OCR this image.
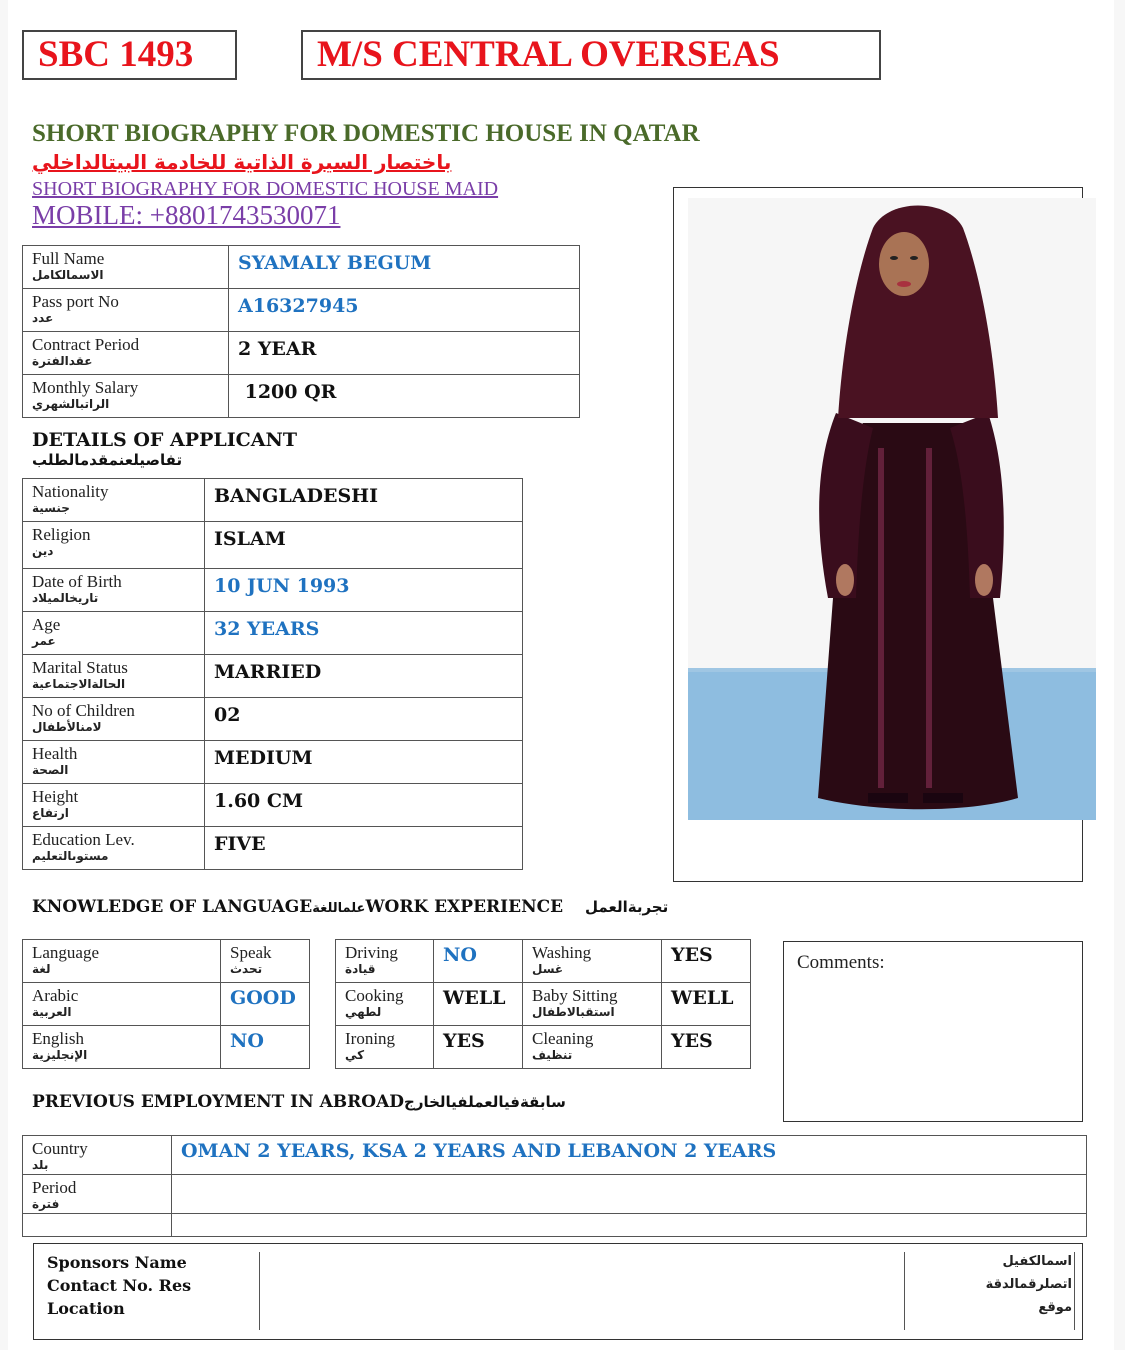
SBC 1493	M/S CENTRAL OVERSEAS
SHORT BIOGRAPHY FOR DOMESTIC HOUSE IN QATAR
باختصار السيرة الذاتية للخادمة البيتالداخلي
SHORT BIOGRAPHY FOR DOMESTIC HOUSE MAID
MOBILE: +8801743530071
Full Name
الاسمالكامل	SYAMALY BEGUM

Pass port No
عدد	A16327945

Contract Period
عقدالفترة	2 YEAR

Monthly Salary
الراتبالشهري	1200 QR
DETAILS OF APPLICANT
تفاصيلعنمقدمالطلب
Nationality
جنسية	BANGLADESHI

Religion
دين	ISLAM

Date of Birth
تاريخالميلاد	10 JUN 1993

Age
عمر	32 YEARS

Marital Status
الحالةالاجتماعية	MARRIED

No of Children
لامنالأطفال	02

Health
الصحة	MEDIUM

Height
ارتفاع	1.60 CM

Education Lev.
مستوىالتعليم	FIVE
KNOWLEDGE OF LANGUAGEعلماللغةWORK EXPERIENCE تجربةالعمل
Language
لغة	Speak
تحدث

Arabic
العربية	GOOD

English
الإنجليزية	NO
Driving
قيادة	NO	Washing
غسل	YES

Cooking
لطهي	WELL	Baby Sitting
استقبالاطفال	WELL

Ironing
كي	YES	Cleaning
تنظيف	YES
Comments:
PREVIOUS EMPLOYMENT IN ABROADسابقةفيالعملفيالخارج
Country
بلد	OMAN 2 YEARS, KSA 2 YEARS AND LEBANON 2 YEARS

Period
فترة	

Sponsors Name	اسمالكفيل
Contact No. Res	اتصلرقمالدقة
Location	موقع
